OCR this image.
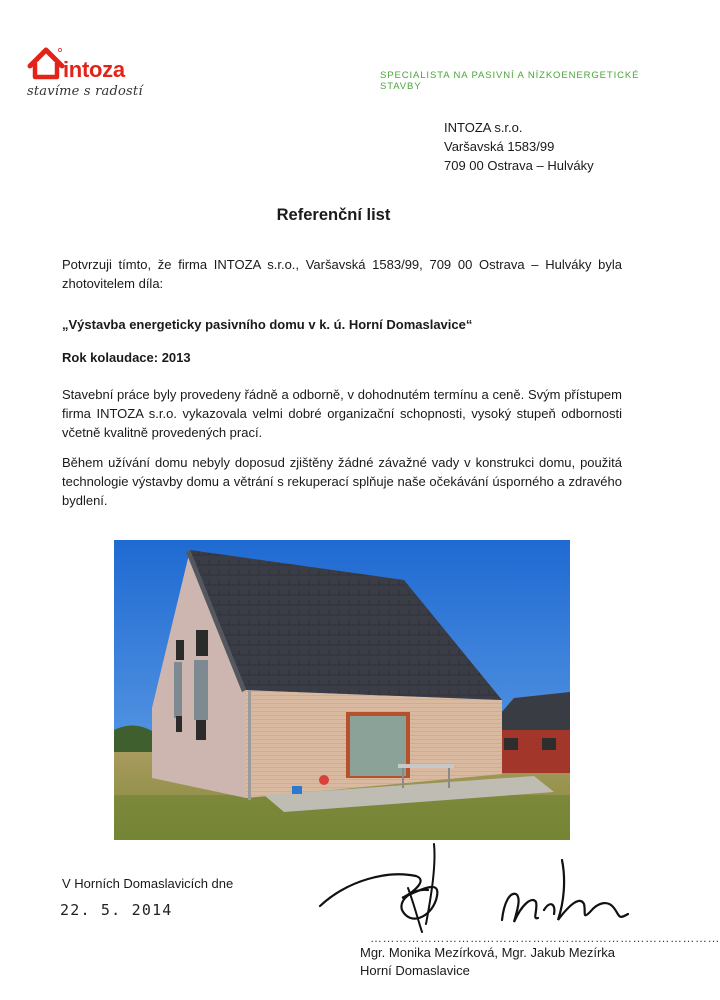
intoza
stavíme s radostí
SPECIALISTA NA PASIVNÍ A NÍZKOENERGETICKÉ STAVBY
INTOZA s.r.o.
Varšavská 1583/99
709 00 Ostrava – Hulváky
Referenční list
Potvrzuji tímto, že firma INTOZA s.r.o., Varšavská 1583/99, 709 00 Ostrava – Hulváky byla zhotovitelem díla:
„Výstavba energeticky pasivního domu v k. ú. Horní Domaslavice“
Rok kolaudace: 2013
Stavební práce byly provedeny řádně a odborně, v dohodnutém termínu a ceně. Svým přístupem firma INTOZA s.r.o. vykazovala velmi dobré organizační schopnosti, vysoký stupeň odbornosti včetně kvalitně provedených prací.
Během užívání domu nebyly doposud zjištěny žádné závažné vady v konstrukci domu, použitá technologie výstavby domu a větrání s rekuperací splňuje naše očekávání úsporného a zdravého bydlení.
V Horních Domaslavicích dne
22. 5. 2014
…………………………………………………………………………
Mgr. Monika Mezírková, Mgr. Jakub Mezírka
Horní Domaslavice
